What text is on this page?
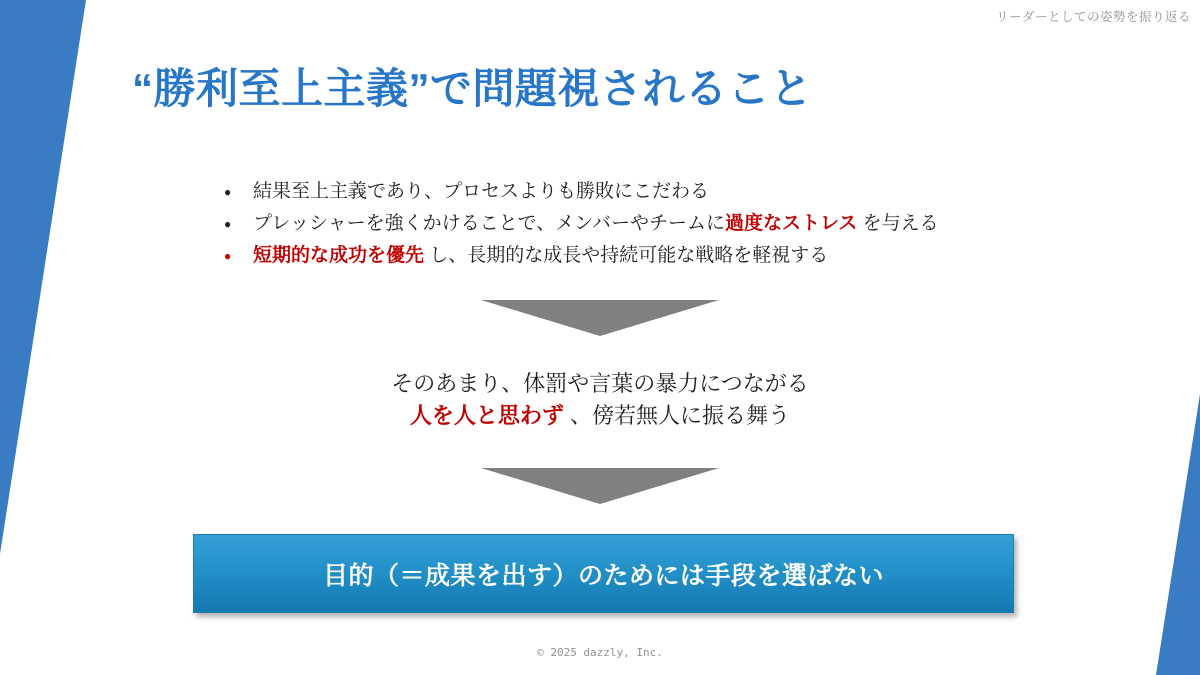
リーダーとしての姿勢を振り返る
“勝利至上主義”で問題視されること
● 結果至上主義であり、プロセスよりも勝敗にこだわる
● プレッシャーを強くかけることで、メンバーやチームに過度なストレス を与える
● 短期的な成功を優先 し、長期的な成長や持続可能な戦略を軽視する
そのあまり、体罰や言葉の暴力につながる
人を人と思わず 、傍若無人に振る舞う
目的（＝成果を出す）のためには手段を選ばない
© 2025 dazzly, Inc.
